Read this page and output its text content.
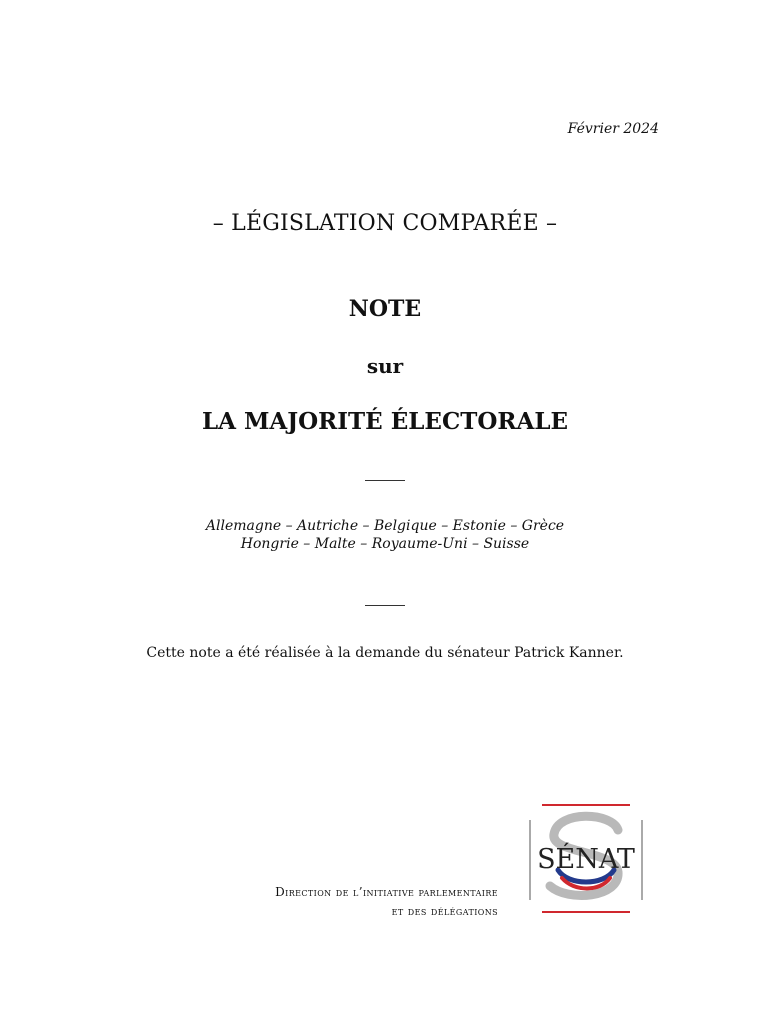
Février 2024
– LÉGISLATION COMPARÉE –
NOTE
sur
LA MAJORITÉ ÉLECTORALE
Allemagne – Autriche – Belgique – Estonie – Grèce
Hongrie – Malte – Royaume-Uni – Suisse
Cette note a été réalisée à la demande du sénateur Patrick Kanner.
Direction de l’initiative parlementaire
et des délégations
SÉNAT
